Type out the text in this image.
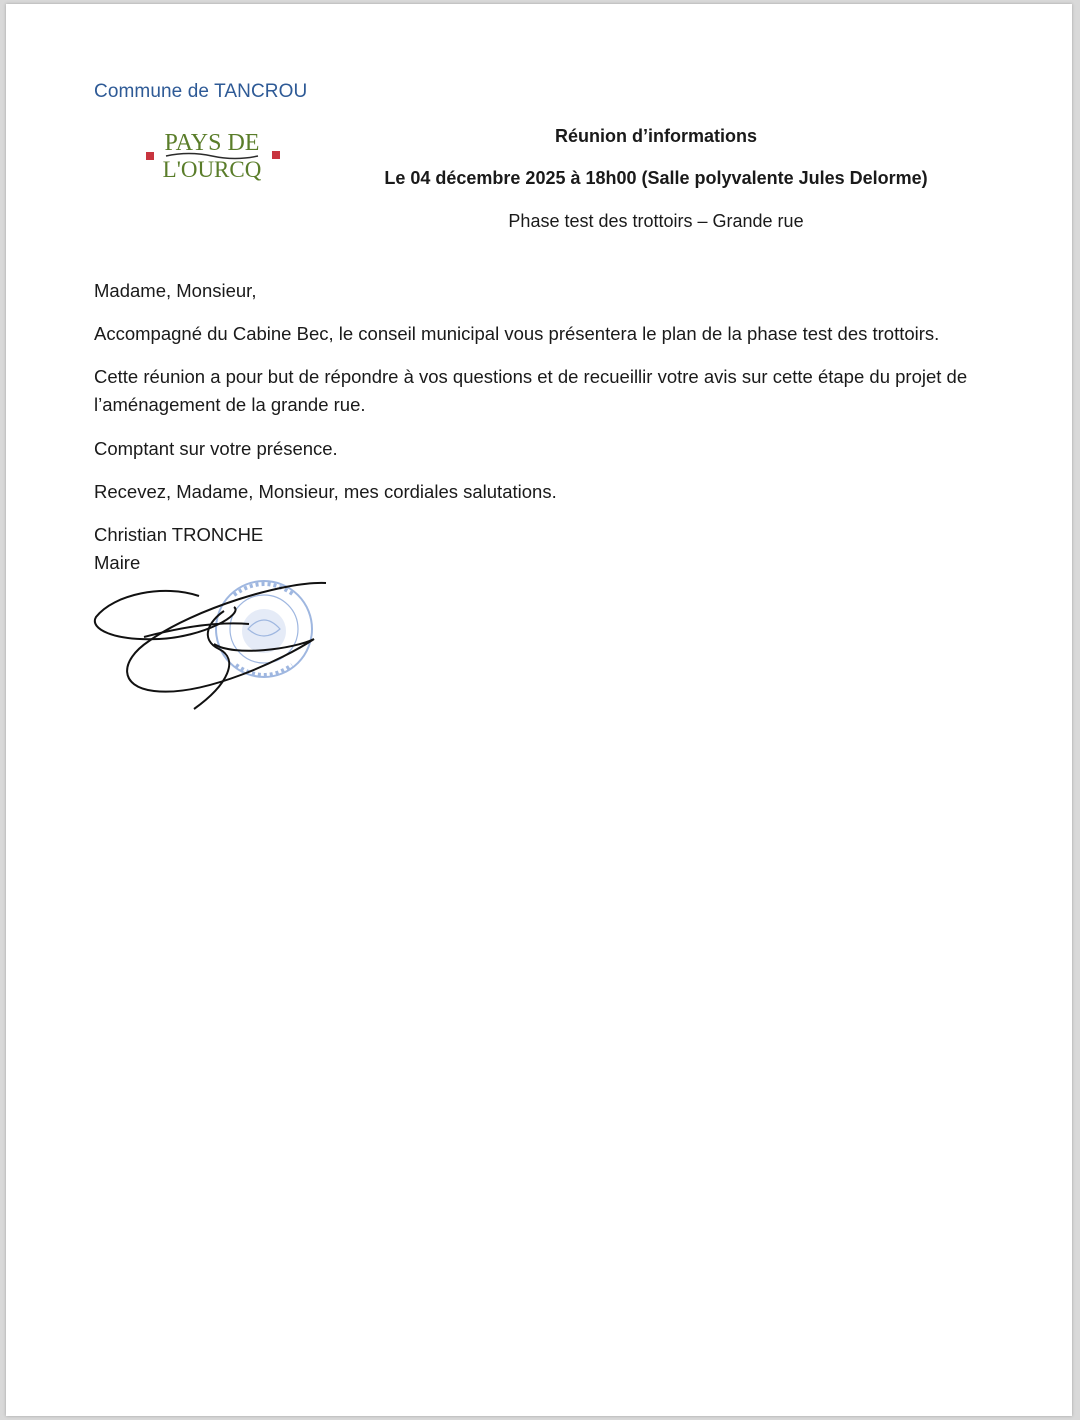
Commune de TANCROU
PAYS DE
L'OURCQ
Réunion d’informations
Le 04 décembre 2025 à 18h00 (Salle polyvalente Jules Delorme)
Phase test des trottoirs – Grande rue
Madame, Monsieur,
Accompagné du Cabine Bec, le conseil municipal vous présentera le plan de la phase test des trottoirs.
Cette réunion a pour but de répondre à vos questions et de recueillir votre avis sur cette étape du projet de l’aménagement de la grande rue.
Comptant sur votre présence.
Recevez, Madame, Monsieur, mes cordiales salutations.
Christian TRONCHE
Maire
